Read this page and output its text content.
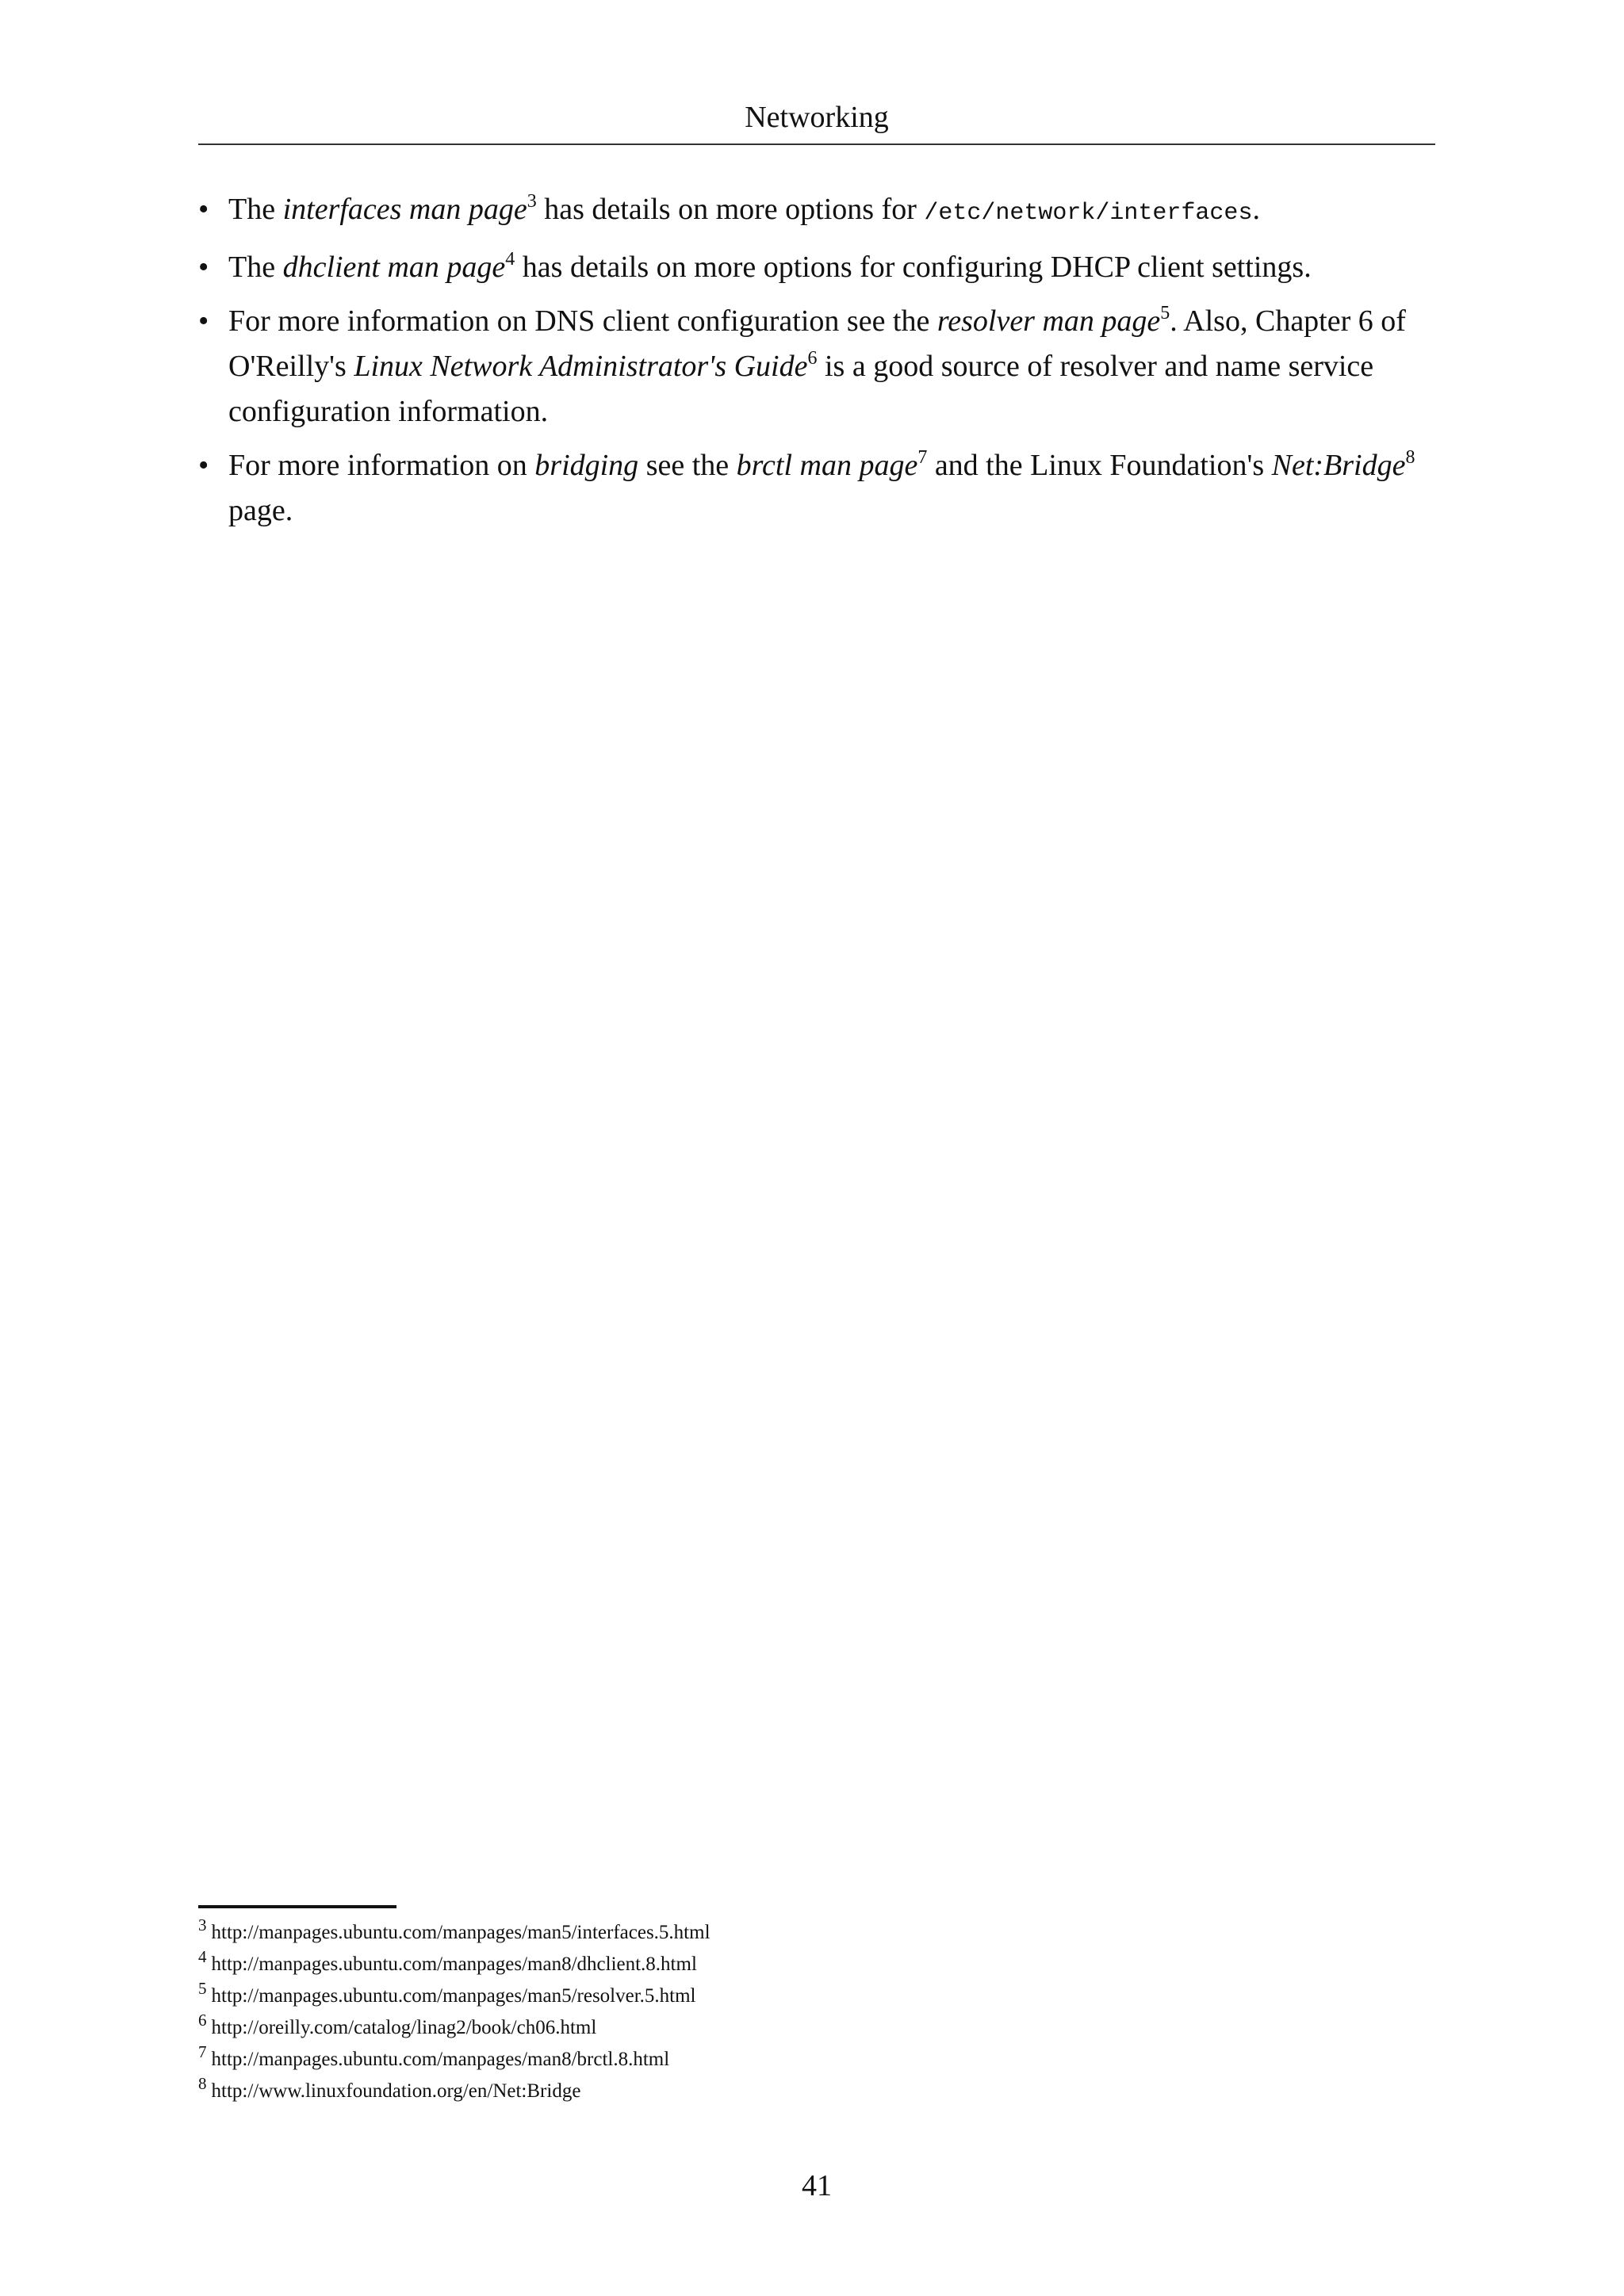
Networking
• The interfaces man page$^3$ has details on more options for /etc/network/interfaces.
• The dhclient man page$^4$ has details on more options for configuring DHCP client settings.
• For more information on DNS client configuration see the resolver man page$^5$. Also, Chapter 6 of O'Reilly's Linux Network Administrator's Guide$^6$ is a good source of resolver and name service configuration information.
• For more information on bridging see the brctl man page$^7$ and the Linux Foundation's Net:Bridge$^8$ page.
$^3$ http://manpages.ubuntu.com/manpages/man5/interfaces.5.html
$^4$ http://manpages.ubuntu.com/manpages/man8/dhclient.8.html
$^5$ http://manpages.ubuntu.com/manpages/man5/resolver.5.html
$^6$ http://oreilly.com/catalog/linag2/book/ch06.html
$^7$ http://manpages.ubuntu.com/manpages/man8/brctl.8.html
$^8$ http://www.linuxfoundation.org/en/Net:Bridge
41
